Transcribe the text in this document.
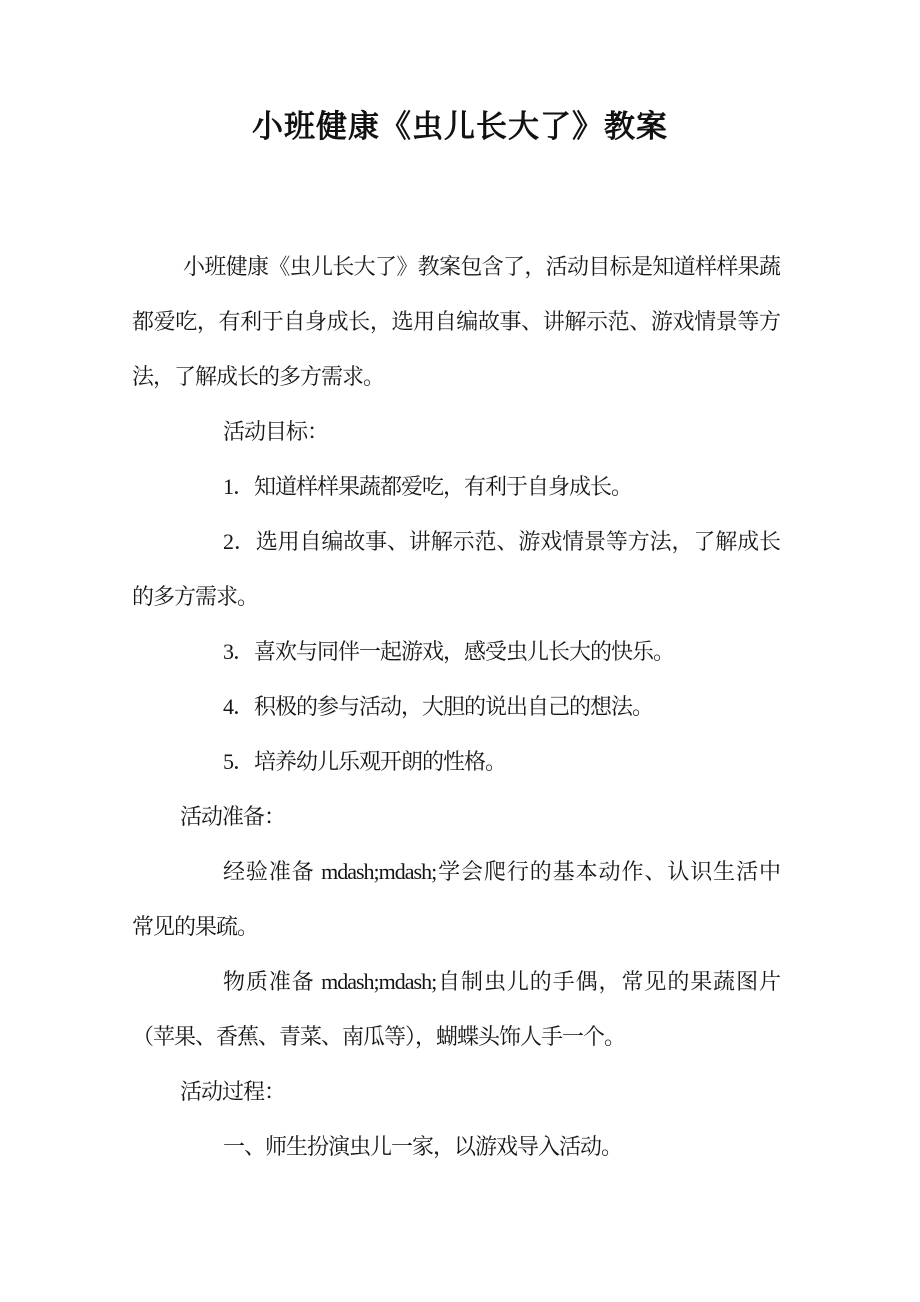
小班健康《虫儿长大了》教案
小班健康《虫儿长大了》教案包含了，活动目标是知道样样果蔬
都爱吃，有利于自身成长，选用自编故事、讲解示范、游戏情景等方
法，了解成长的多方需求。
活动目标：
1．知道样样果蔬都爱吃，有利于自身成长。
2．选用自编故事、讲解示范、游戏情景等方法，了解成长
的多方需求。
3．喜欢与同伴一起游戏，感受虫儿长大的快乐。
4．积极的参与活动，大胆的说出自己的想法。
5．培养幼儿乐观开朗的性格。
活动准备：
经验准备 mdash;mdash;学会爬行的基本动作、认识生活中
常见的果疏。
物质准备 mdash;mdash;自制虫儿的手偶，常见的果蔬图片
（苹果、香蕉、青菜、南瓜等），蝴蝶头饰人手一个。
活动过程：
一、师生扮演虫儿一家，以游戏导入活动。
